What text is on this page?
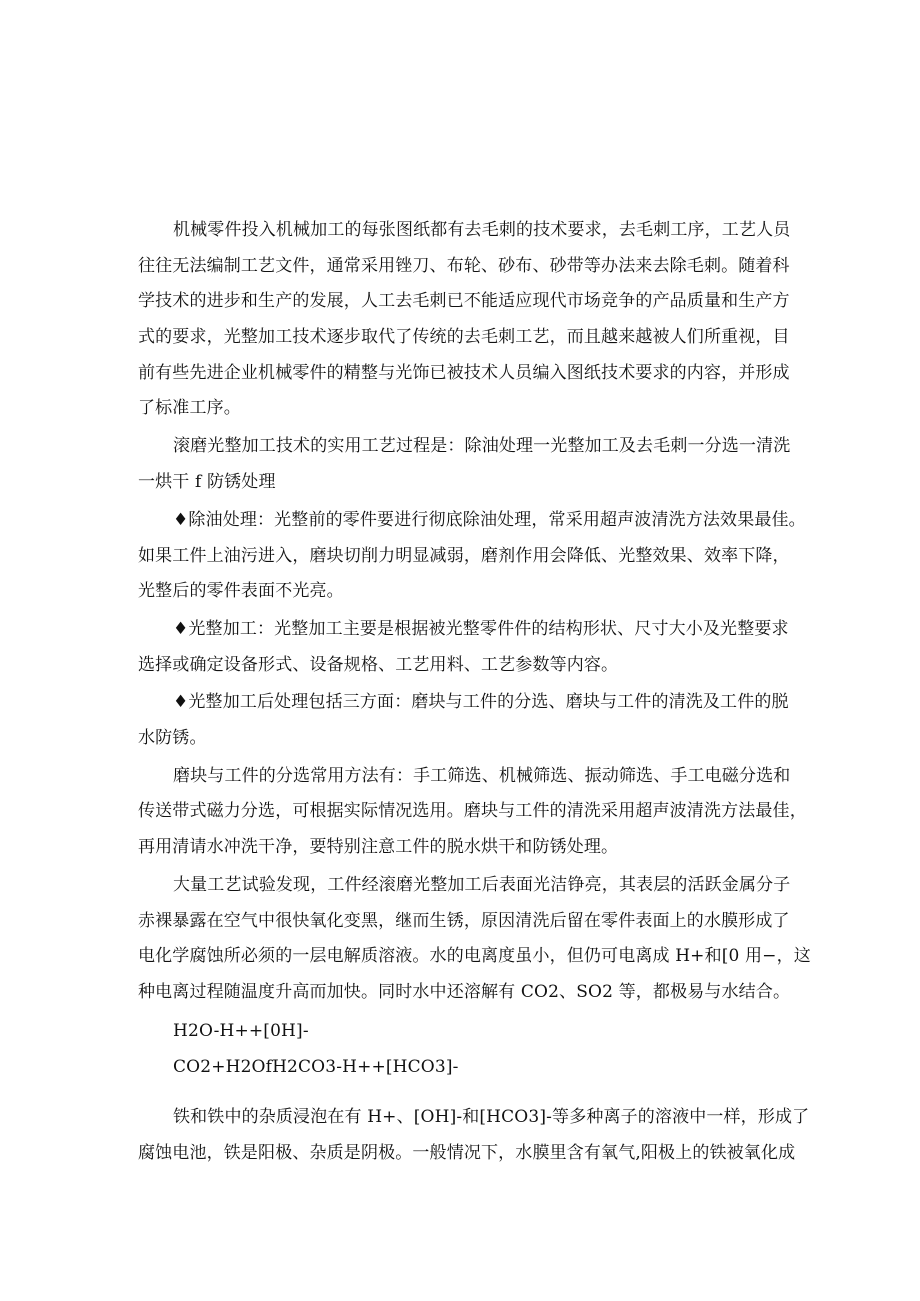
机械零件投入机械加工的每张图纸都有去毛刺的技术要求，去毛刺工序，工艺人员
往往无法编制工艺文件，通常采用锉刀、布轮、砂布、砂带等办法来去除毛刺。随着科
学技术的进步和生产的发展，人工去毛刺已不能适应现代市场竞争的产品质量和生产方
式的要求，光整加工技术逐步取代了传统的去毛刺工艺，而且越来越被人们所重视，目
前有些先进企业机械零件的精整与光饰已被技术人员编入图纸技术要求的内容，并形成
了标准工序。
滚磨光整加工技术的实用工艺过程是：除油处理一光整加工及去毛刺一分选一清洗
一烘干 f 防锈处理
♦除油处理：光整前的零件要进行彻底除油处理，常采用超声波清洗方法效果最佳。
如果工件上油污进入，磨块切削力明显减弱，磨剂作用会降低、光整效果、效率下降，
光整后的零件表面不光亮。
♦光整加工：光整加工主要是根据被光整零件件的结构形状、尺寸大小及光整要求
选择或确定设备形式、设备规格、工艺用料、工艺参数等内容。
♦光整加工后处理包括三方面：磨块与工件的分选、磨块与工件的清洗及工件的脱
水防锈。
磨块与工件的分选常用方法有：手工筛选、机械筛选、振动筛选、手工电磁分选和
传送带式磁力分选，可根据实际情况选用。磨块与工件的清洗采用超声波清洗方法最佳，
再用清请水冲洗干净，要特别注意工件的脱水烘干和防锈处理。
大量工艺试验发现，工件经滚磨光整加工后表面光洁铮亮，其表层的活跃金属分子
赤裸暴露在空气中很快氧化变黑，继而生锈，原因清洗后留在零件表面上的水膜形成了
电化学腐蚀所必须的一层电解质溶液。水的电离度虽小，但仍可电离成 H+和[0 用−，这
种电离过程随温度升高而加快。同时水中还溶解有 CO2、SO2 等，都极易与水结合。
H2O-H++[0H]-
CO2+H2OfH2CO3-H++[HCO3]-
铁和铁中的杂质浸泡在有 H+、[OH]-和[HCO3]-等多种离子的溶液中一样，形成了
腐蚀电池，铁是阳极、杂质是阴极。一般情况下，水膜里含有氧气,阳极上的铁被氧化成
